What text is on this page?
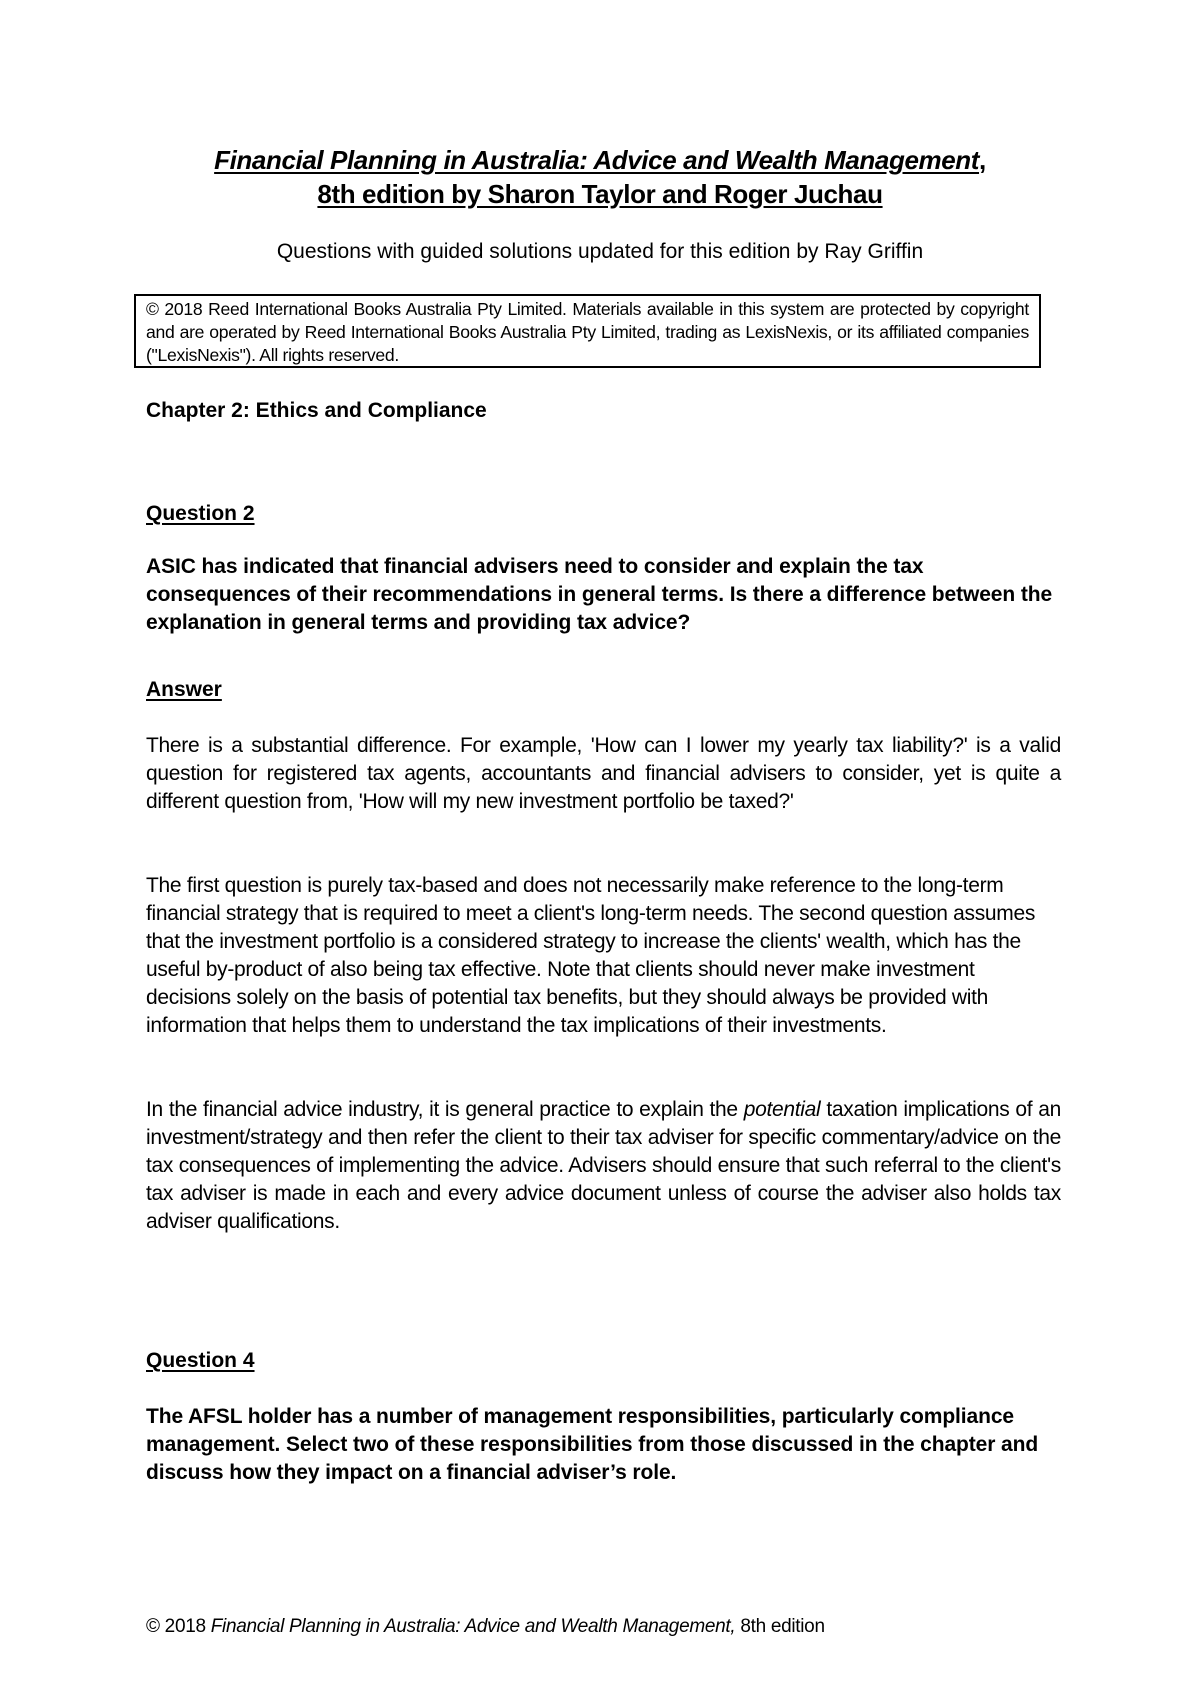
Financial Planning in Australia: Advice and Wealth Management,
8th edition by Sharon Taylor and Roger Juchau
Questions with guided solutions updated for this edition by Ray Griffin
© 2018 Reed International Books Australia Pty Limited. Materials available in this system are protected by copyright and are operated by Reed International Books Australia Pty Limited, trading as LexisNexis, or its affiliated companies ("LexisNexis"). All rights reserved.
Chapter 2: Ethics and Compliance
Question 2
ASIC has indicated that financial advisers need to consider and explain the tax consequences of their recommendations in general terms. Is there a difference between the explanation in general terms and providing tax advice?
Answer
There is a substantial difference. For example, 'How can I lower my yearly tax liability?' is a valid question for registered tax agents, accountants and financial advisers to consider, yet is quite a different question from, 'How will my new investment portfolio be taxed?'
The first question is purely tax-based and does not necessarily make reference to the long-term financial strategy that is required to meet a client's long-term needs. The second question assumes that the investment portfolio is a considered strategy to increase the clients' wealth, which has the useful by-product of also being tax effective. Note that clients should never make investment decisions solely on the basis of potential tax benefits, but they should always be provided with information that helps them to understand the tax implications of their investments.
In the financial advice industry, it is general practice to explain the potential taxation implications of an investment/strategy and then refer the client to their tax adviser for specific commentary/advice on the tax consequences of implementing the advice. Advisers should ensure that such referral to the client's tax adviser is made in each and every advice document unless of course the adviser also holds tax adviser qualifications.
Question 4
The AFSL holder has a number of management responsibilities, particularly compliance management. Select two of these responsibilities from those discussed in the chapter and discuss how they impact on a financial adviser’s role.
© 2018 Financial Planning in Australia: Advice and Wealth Management, 8th edition
